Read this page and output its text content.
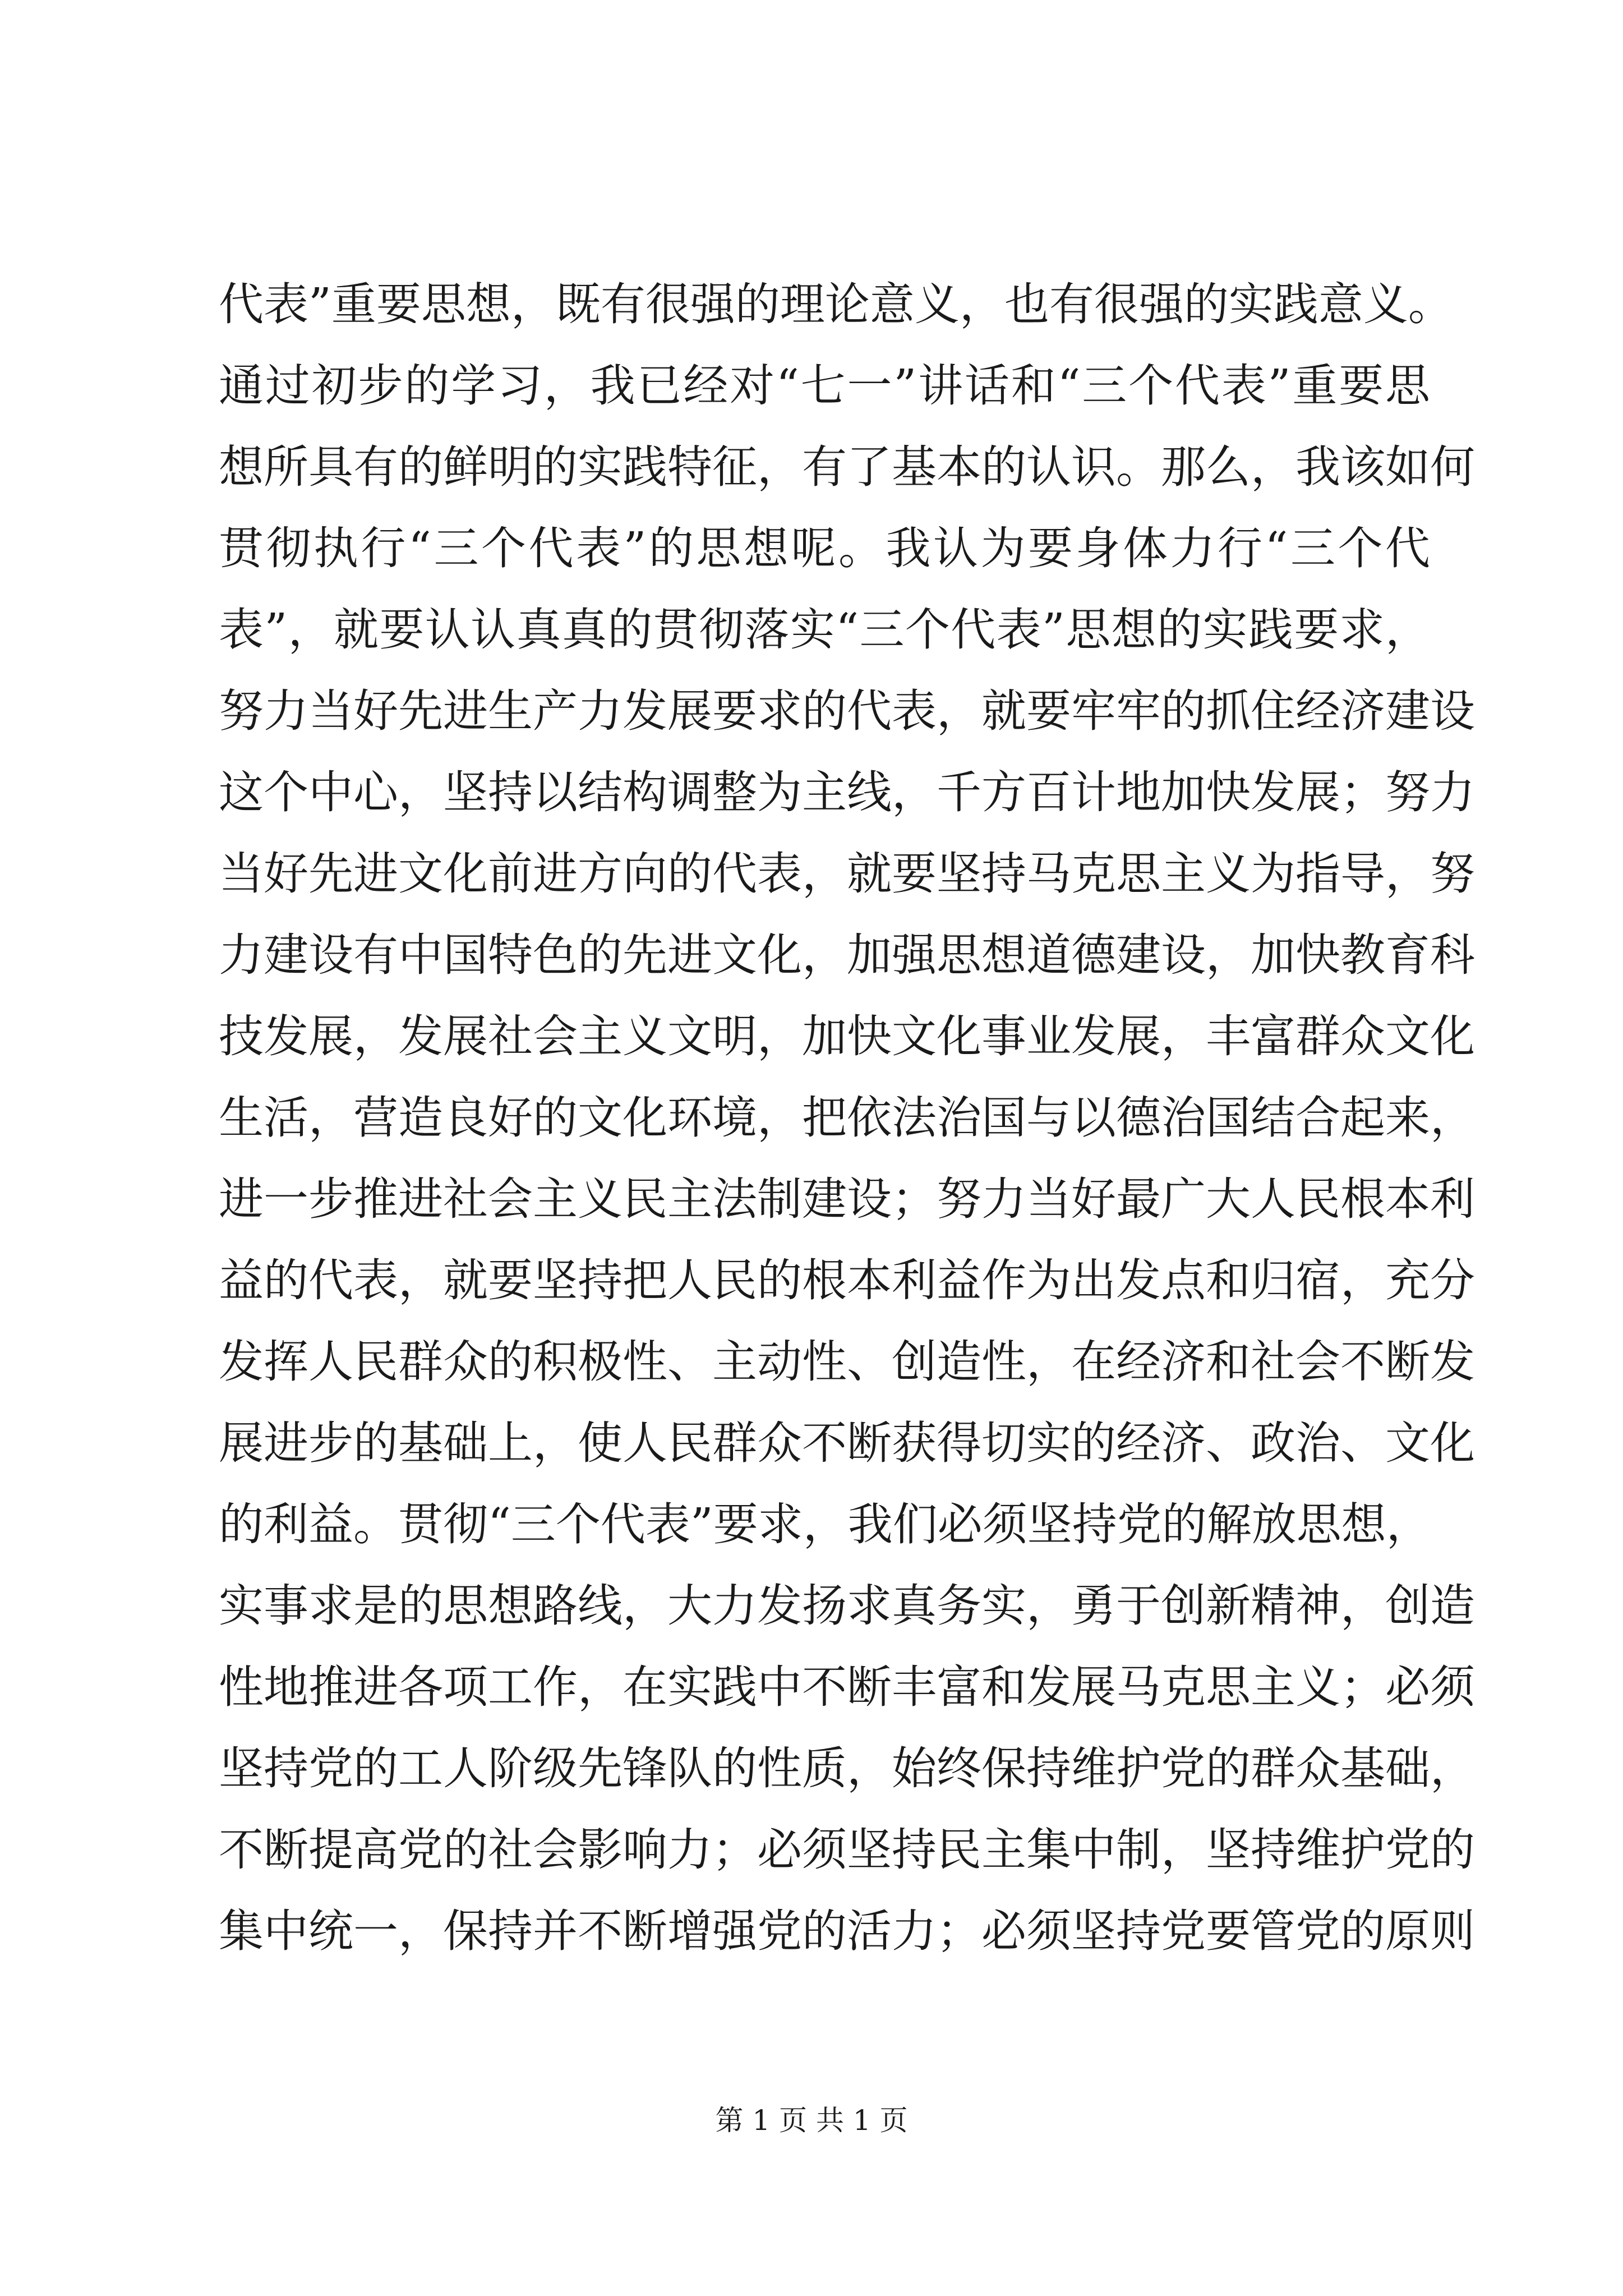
代表”重要思想，既有很强的理论意义，也有很强的实践意义。
通过初步的学习，我已经对“七一”讲话和“三个代表”重要思
想所具有的鲜明的实践特征，有了基本的认识。那么，我该如何
贯彻执行“三个代表”的思想呢。我认为要身体力行“三个代
表”，就要认认真真的贯彻落实“三个代表”思想的实践要求，
努力当好先进生产力发展要求的代表，就要牢牢的抓住经济建设
这个中心，坚持以结构调整为主线，千方百计地加快发展；努力
当好先进文化前进方向的代表，就要坚持马克思主义为指导，努
力建设有中国特色的先进文化，加强思想道德建设，加快教育科
技发展，发展社会主义文明，加快文化事业发展，丰富群众文化
生活，营造良好的文化环境，把依法治国与以德治国结合起来，
进一步推进社会主义民主法制建设；努力当好最广大人民根本利
益的代表，就要坚持把人民的根本利益作为出发点和归宿，充分
发挥人民群众的积极性、主动性、创造性，在经济和社会不断发
展进步的基础上，使人民群众不断获得切实的经济、政治、文化
的利益。贯彻“三个代表”要求，我们必须坚持党的解放思想，
实事求是的思想路线，大力发扬求真务实，勇于创新精神，创造
性地推进各项工作，在实践中不断丰富和发展马克思主义；必须
坚持党的工人阶级先锋队的性质，始终保持维护党的群众基础，
不断提高党的社会影响力；必须坚持民主集中制，坚持维护党的
集中统一，保持并不断增强党的活力；必须坚持党要管党的原则
第 1 页 共 1 页
